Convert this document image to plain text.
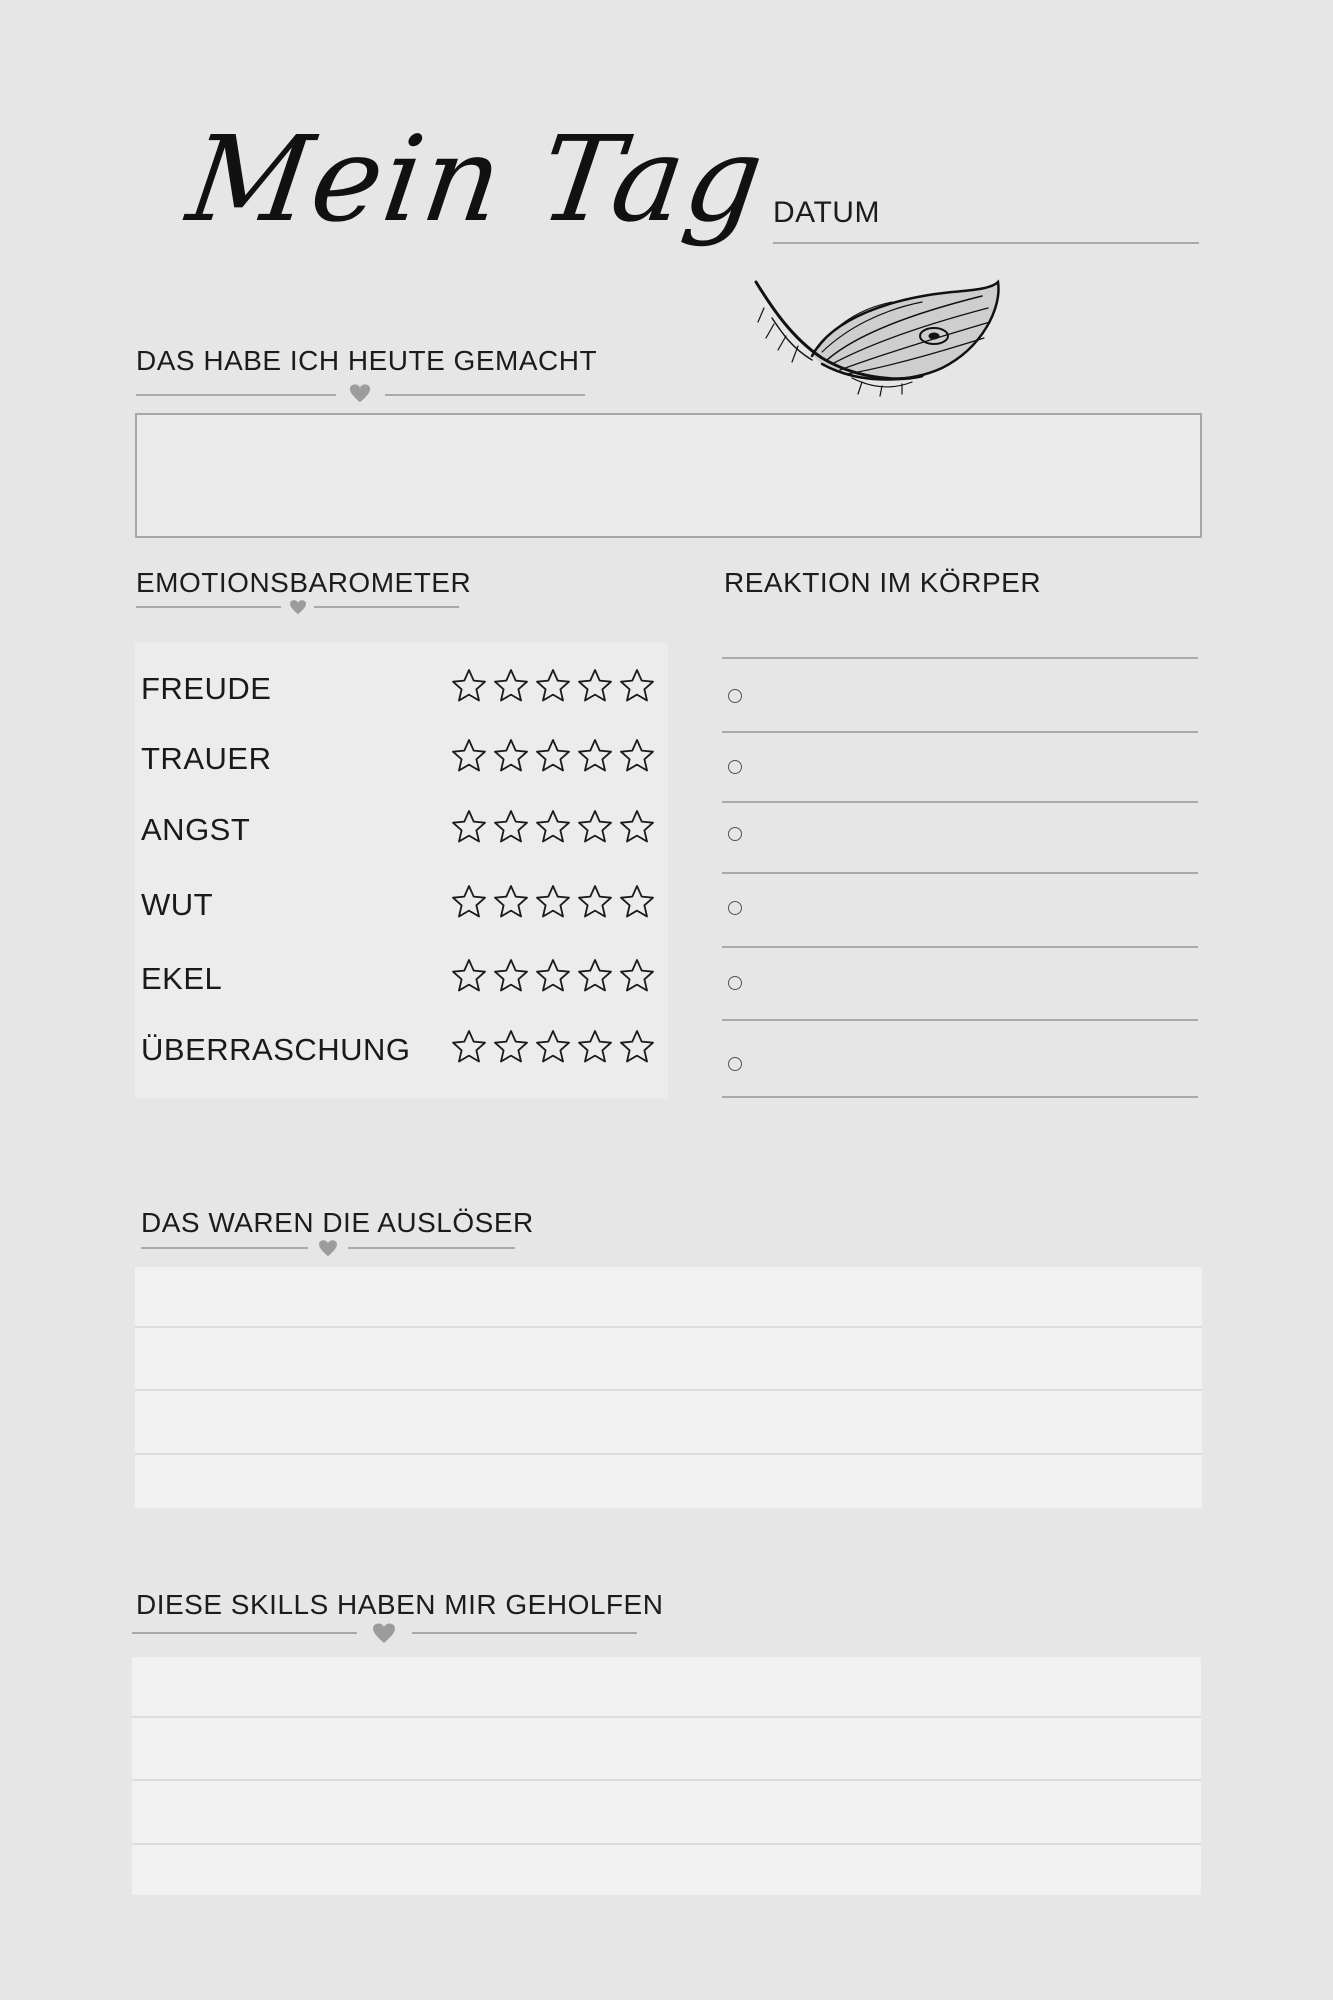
Mein Tag DATUM
DAS HABE ICH HEUTE GEMACHT
EMOTIONSBAROMETER
FREUDE
TRAUER
ANGST
WUT
EKEL
ÜBERRASCHUNG
REAKTION IM KÖRPER
DAS WAREN DIE AUSLÖSER
DIESE SKILLS HABEN MIR GEHOLFEN
